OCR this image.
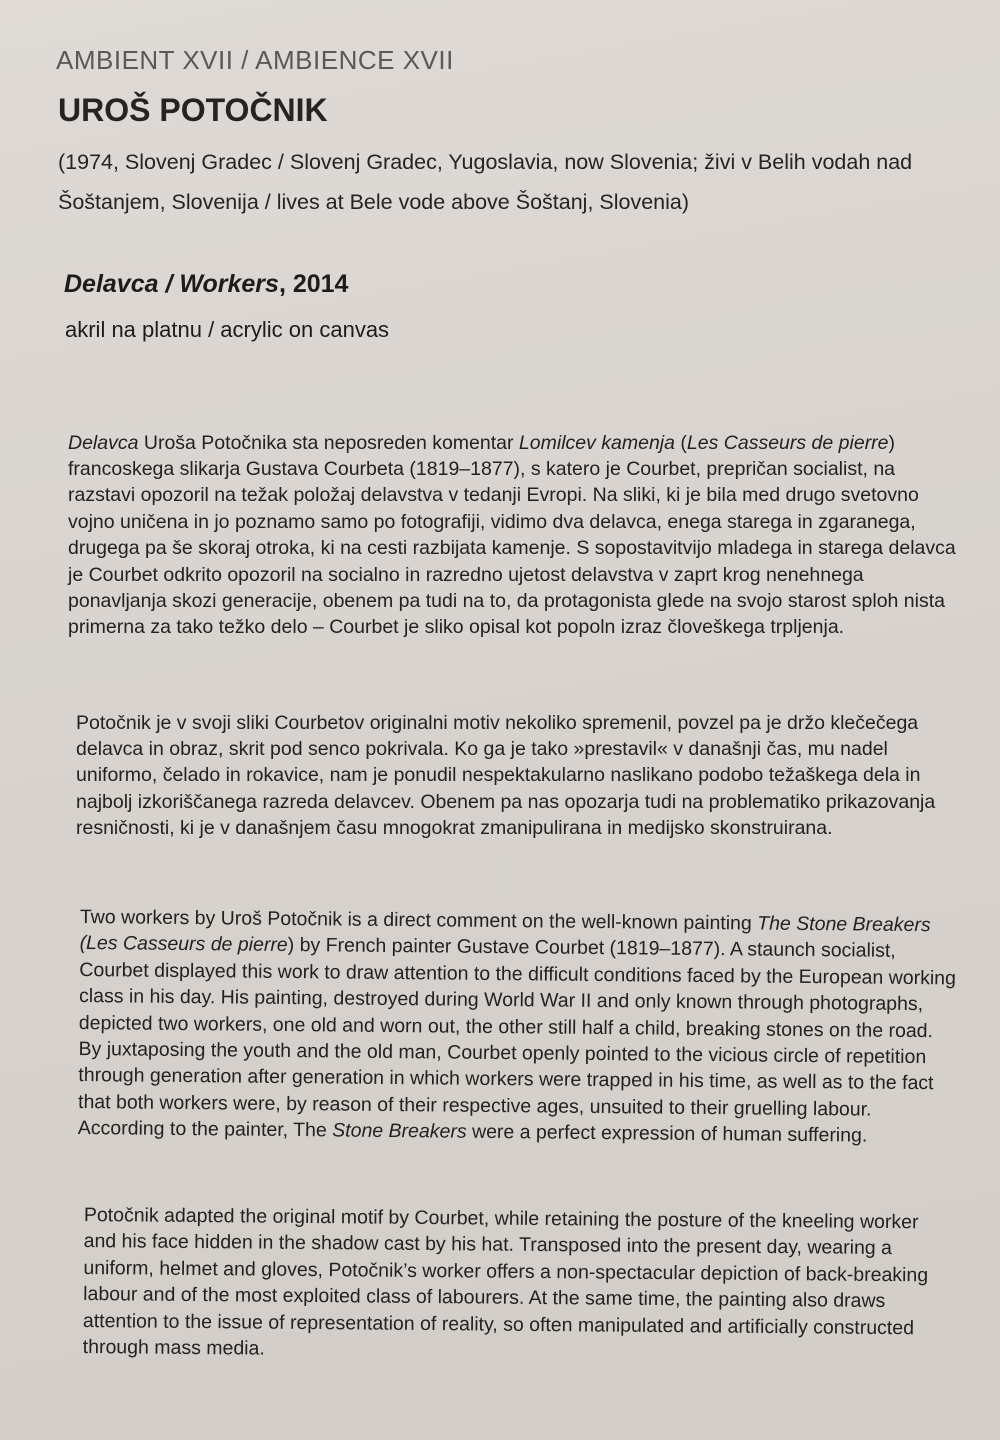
AMBIENT XVII / AMBIENCE XVII

UROŠ POTOČNIK

(1974, Slovenj Gradec / Slovenj Gradec, Yugoslavia, now Slovenia; živi v Belih vodah nad Šoštanjem, Slovenija / lives at Bele vode above Šoštanj, Slovenia)

Delavca / Workers, 2014

akril na platnu / acrylic on canvas

Delavca Uroša Potočnika sta neposreden komentar Lomilcev kamenja (Les Casseurs de pierre) francoskega slikarja Gustava Courbeta (1819–1877), s katero je Courbet, prepričan socialist, na razstavi opozoril na težak položaj delavstva v tedanji Evropi. Na sliki, ki je bila med drugo svetovno vojno uničena in jo poznamo samo po fotografiji, vidimo dva delavca, enega starega in zgaranega, drugega pa še skoraj otroka, ki na cesti razbijata kamenje. S sopostavitvijo mladega in starega delavca je Courbet odkrito opozoril na socialno in razredno ujetost delavstva v zaprt krog nenehnega ponavljanja skozi generacije, obenem pa tudi na to, da protagonista glede na svojo starost sploh nista primerna za tako težko delo – Courbet je sliko opisal kot popoln izraz človeškega trpljenja.

Potočnik je v svoji sliki Courbetov originalni motiv nekoliko spremenil, povzel pa je držo klečečega delavca in obraz, skrit pod senco pokrivala. Ko ga je tako »prestavil« v današnji čas, mu nadel uniformo, čelado in rokavice, nam je ponudil nespektakularno naslikano podobo težaškega dela in najbolj izkoriščanega razreda delavcev. Obenem pa nas opozarja tudi na problematiko prikazovanja resničnosti, ki je v današnjem času mnogokrat zmanipulirana in medijsko skonstruirana.

Two workers by Uroš Potočnik is a direct comment on the well-known painting The Stone Breakers (Les Casseurs de pierre) by French painter Gustave Courbet (1819–1877). A staunch socialist, Courbet displayed this work to draw attention to the difficult conditions faced by the European working class in his day. His painting, destroyed during World War II and only known through photographs, depicted two workers, one old and worn out, the other still half a child, breaking stones on the road. By juxtaposing the youth and the old man, Courbet openly pointed to the vicious circle of repetition through generation after generation in which workers were trapped in his time, as well as to the fact that both workers were, by reason of their respective ages, unsuited to their gruelling labour. According to the painter, The Stone Breakers were a perfect expression of human suffering.

Potočnik adapted the original motif by Courbet, while retaining the posture of the kneeling worker and his face hidden in the shadow cast by his hat. Transposed into the present day, wearing a uniform, helmet and gloves, Potočnik’s worker offers a non-spectacular depiction of back-breaking labour and of the most exploited class of labourers. At the same time, the painting also draws attention to the issue of representation of reality, so often manipulated and artificially constructed through mass media.
